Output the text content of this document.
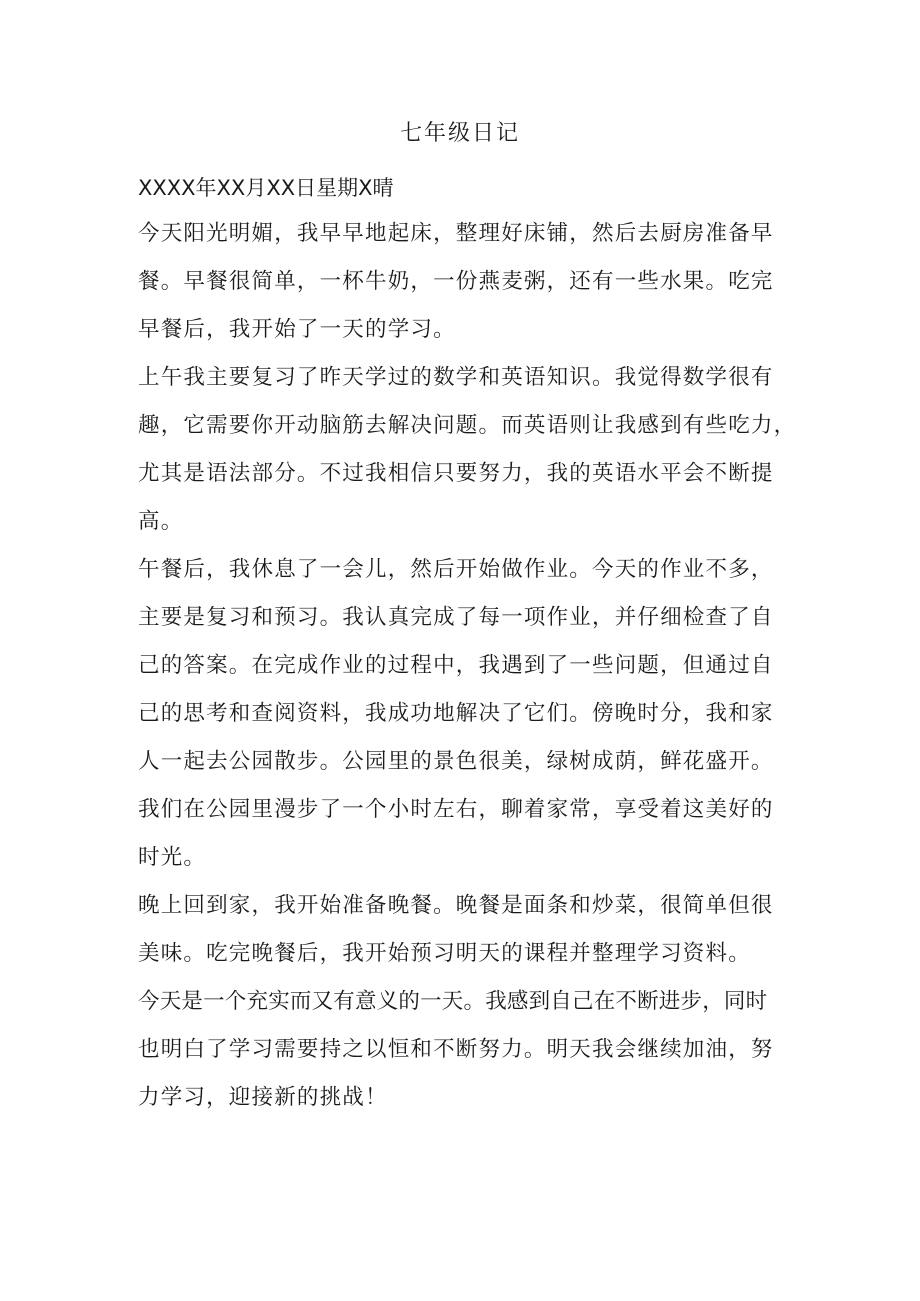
七年级日记
XXXX年XX月XX日星期X晴
今天阳光明媚，我早早地起床，整理好床铺，然后去厨房准备早
餐。早餐很简单，一杯牛奶，一份燕麦粥，还有一些水果。吃完
早餐后，我开始了一天的学习。
上午我主要复习了昨天学过的数学和英语知识。我觉得数学很有
趣，它需要你开动脑筋去解决问题。而英语则让我感到有些吃力，
尤其是语法部分。不过我相信只要努力，我的英语水平会不断提
高。
午餐后，我休息了一会儿，然后开始做作业。今天的作业不多，
主要是复习和预习。我认真完成了每一项作业，并仔细检查了自
己的答案。在完成作业的过程中，我遇到了一些问题，但通过自
己的思考和查阅资料，我成功地解决了它们。傍晚时分，我和家
人一起去公园散步。公园里的景色很美，绿树成荫，鲜花盛开。
我们在公园里漫步了一个小时左右，聊着家常，享受着这美好的
时光。
晚上回到家，我开始准备晚餐。晚餐是面条和炒菜，很简单但很
美味。吃完晚餐后，我开始预习明天的课程并整理学习资料。
今天是一个充实而又有意义的一天。我感到自己在不断进步，同时
也明白了学习需要持之以恒和不断努力。明天我会继续加油，努
力学习，迎接新的挑战！
